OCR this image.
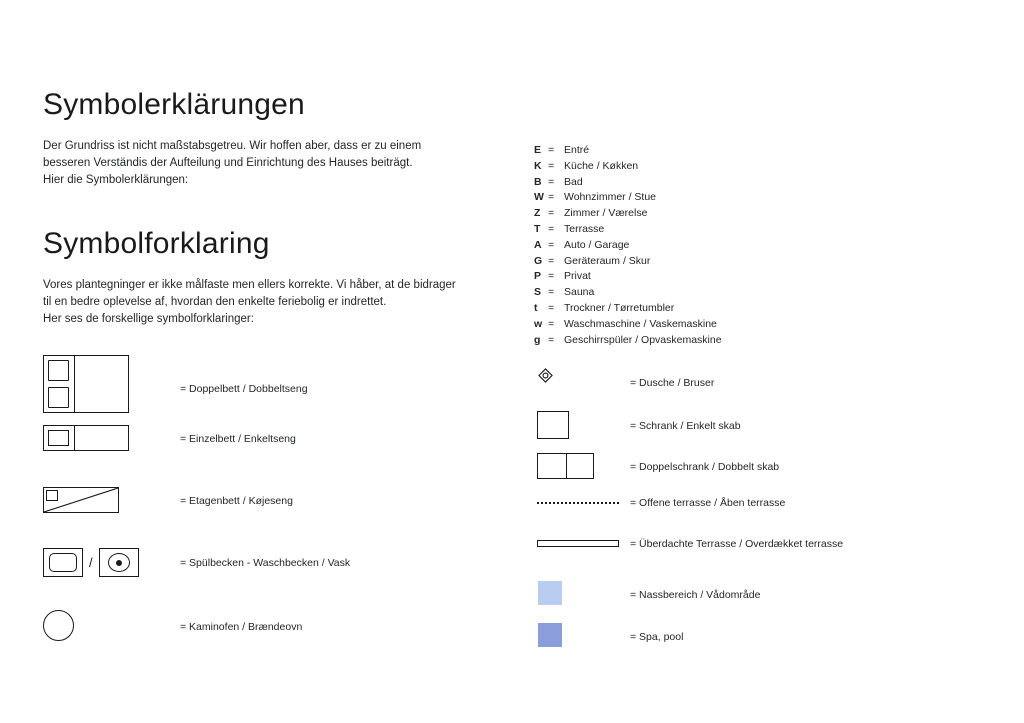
Symbolerklärungen

Der Grundriss ist nicht maßstabsgetreu. Wir hoffen aber, dass er zu einem
besseren Verständis der Aufteilung und Einrichtung des Hauses beiträgt.
Hier die Symbolerklärungen:

Symbolforklaring

Vores plantegninger er ikke målfaste men ellers korrekte. Vi håber, at de bidrager
til en bedre oplevelse af, hvordan den enkelte feriebolig er indrettet.
Her ses de forskellige symbolforklaringer:

E = Entré
K = Küche / Køkken
B = Bad
W = Wohnzimmer / Stue
Z = Zimmer / Værelse
T = Terrasse
A = Auto / Garage
G = Geräteraum / Skur
P = Privat
S = Sauna
t	= Trockner / Tørretumbler
w = Waschmaschine / Vaskemaskine
g = Geschirrspüler / Opvaskemaskine
= Doppelbett / Dobbeltseng
= Einzelbett / Enkeltseng
= Etagenbett / Køjeseng
/	= Spülbecken - Waschbecken / Vask
= Kaminofen / Brændeovn
= Dusche / Bruser
= Schrank / Enkelt skab
= Doppelschrank / Dobbelt skab
= Offene terrasse / Åben terrasse
= Überdachte Terrasse / Overdækket terrasse
= Nassbereich / Vådområde
= Spa, pool
